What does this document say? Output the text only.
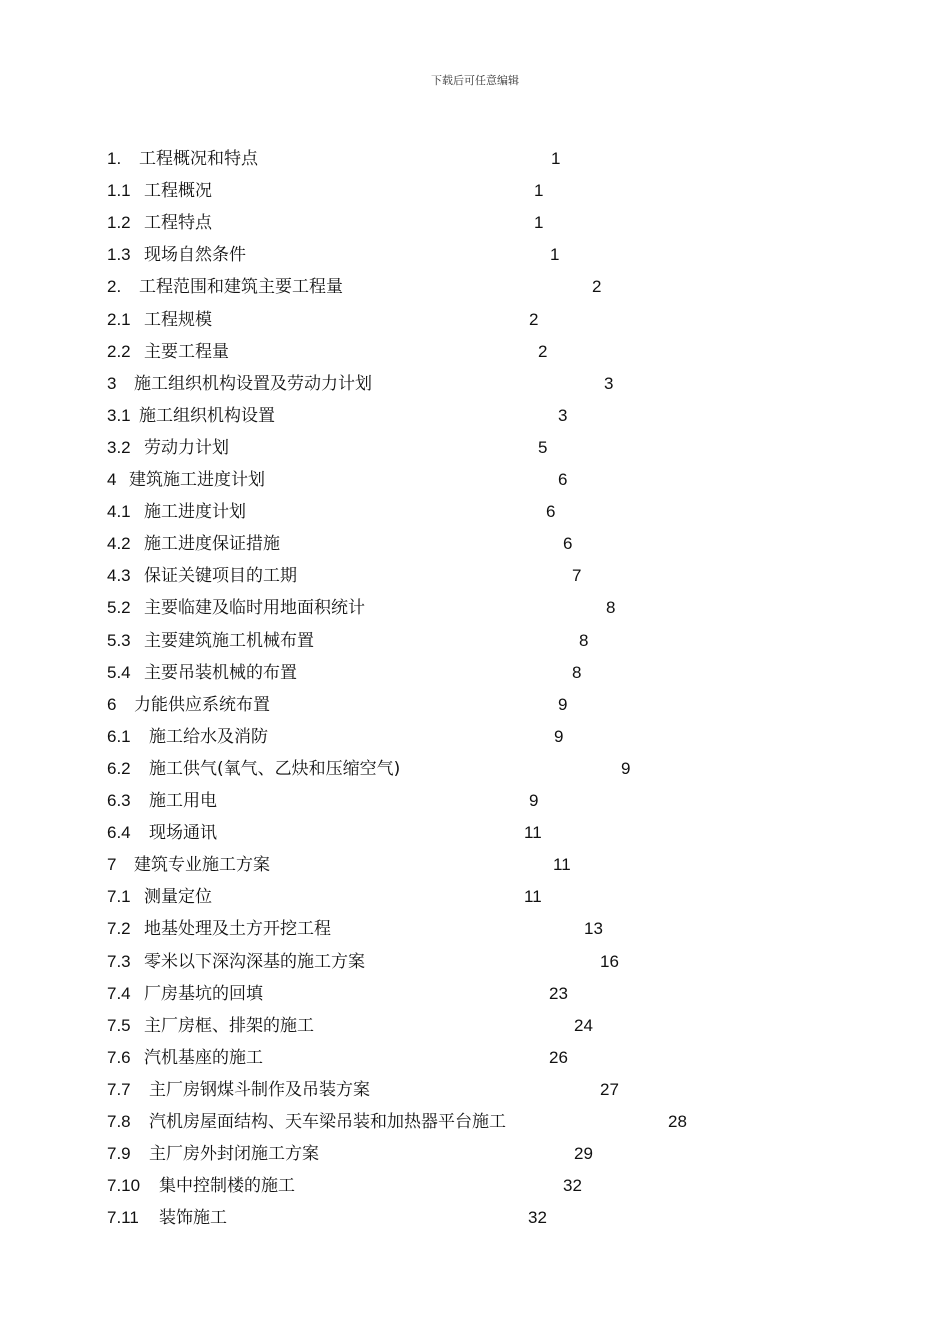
下载后可任意编辑
1. 工程概况和特点	1
1.1 工程概况	1
1.2 工程特点	1
1.3 现场自然条件	1
2. 工程范围和建筑主要工程量	2
2.1 工程规模	2
2.2 主要工程量	2
3 施工组织机构设置及劳动力计划	3
3.1 施工组织机构设置	3
3.2 劳动力计划	5
4 建筑施工进度计划	6
4.1 施工进度计划	6
4.2 施工进度保证措施	6
4.3 保证关键项目的工期	7
5.2 主要临建及临时用地面积统计	8
5.3 主要建筑施工机械布置	8
5.4 主要吊装机械的布置	8
6 力能供应系统布置	9
6.1 施工给水及消防	9
6.2 施工供气(氧气、乙炔和压缩空气)	9
6.3 施工用电	9
6.4 现场通讯	11
7 建筑专业施工方案	11
7.1 测量定位	11
7.2 地基处理及土方开挖工程	13
7.3 零米以下深沟深基的施工方案	16
7.4 厂房基坑的回填	23
7.5 主厂房框、排架的施工	24
7.6 汽机基座的施工	26
7.7 主厂房钢煤斗制作及吊装方案	27
7.8 汽机房屋面结构、天车梁吊装和加热器平台施工	28
7.9 主厂房外封闭施工方案	29
7.10 集中控制楼的施工	32
7.11 装饰施工	32
